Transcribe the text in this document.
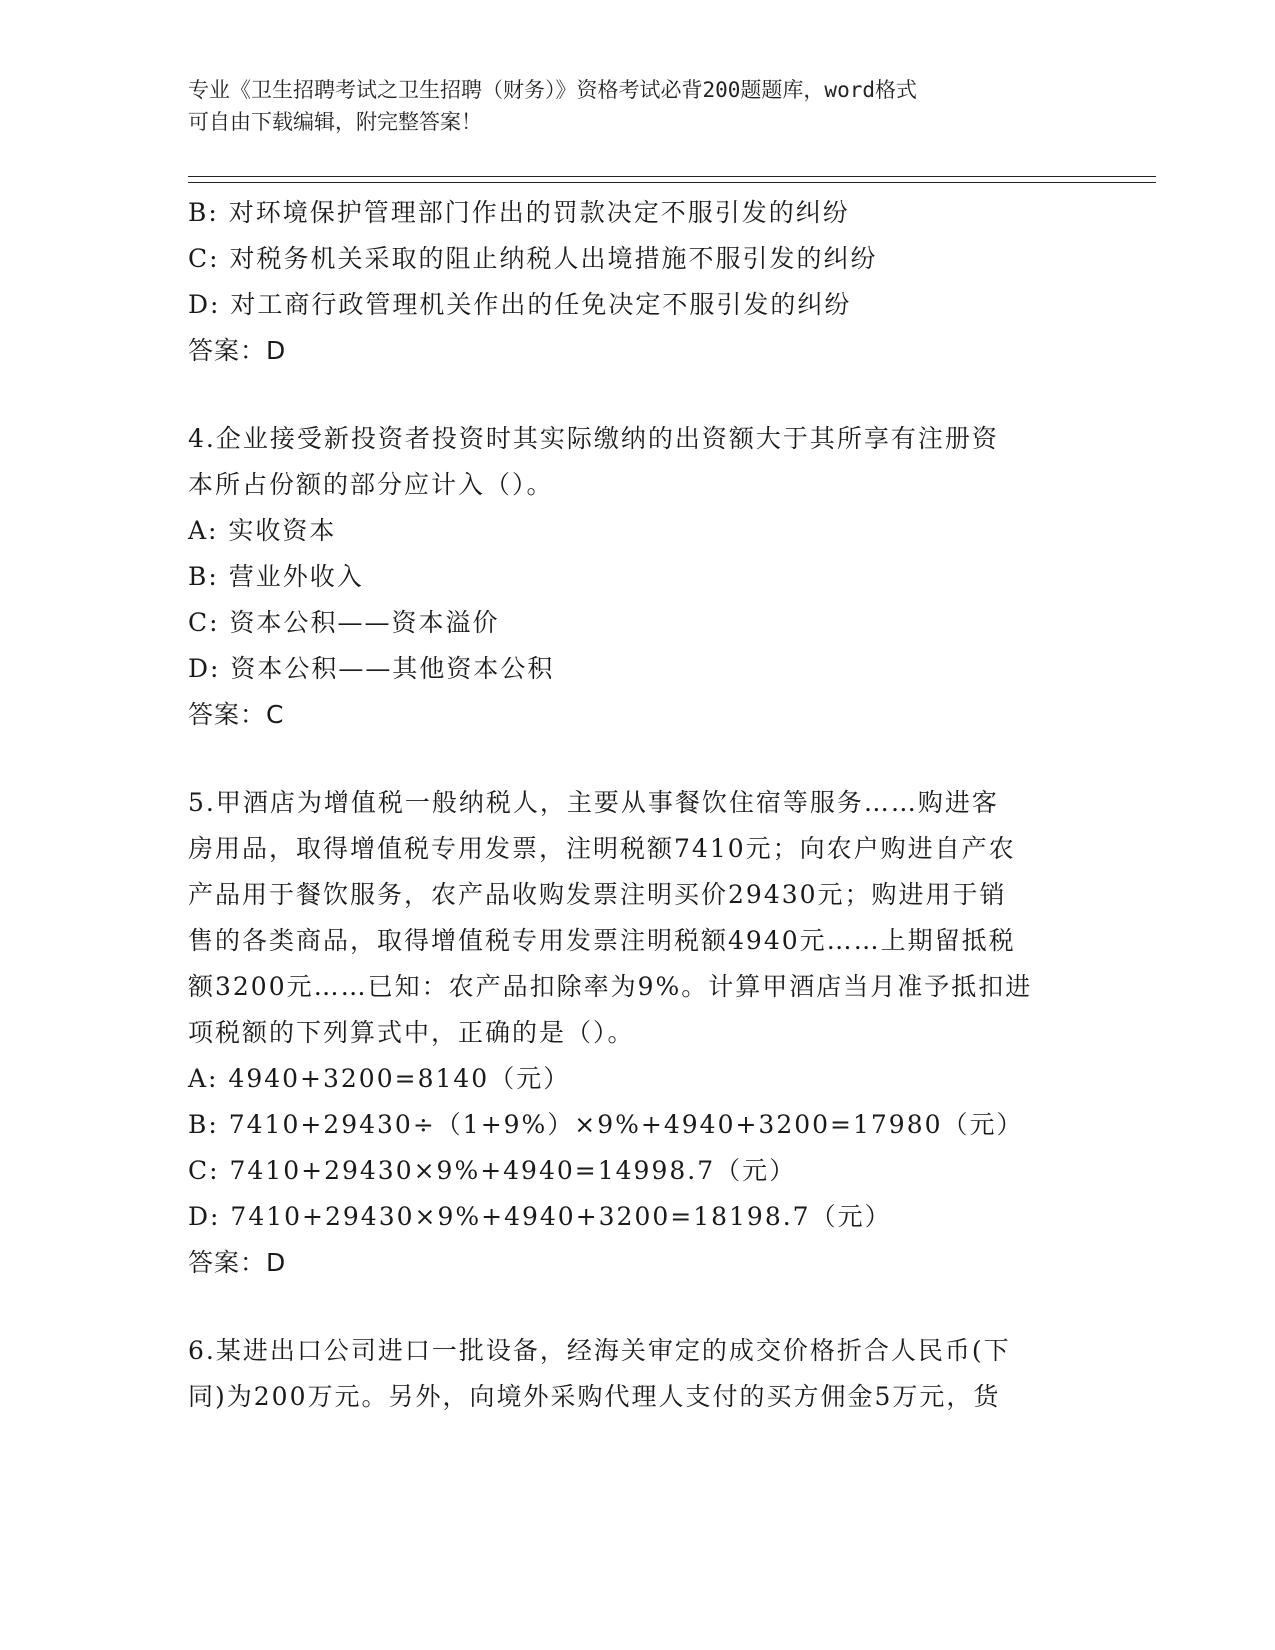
专业《卫生招聘考试之卫生招聘（财务）》资格考试必背200题题库，word格式
可自由下载编辑，附完整答案！
B: 对环境保护管理部门作出的罚款决定不服引发的纠纷
C: 对税务机关采取的阻止纳税人出境措施不服引发的纠纷
D: 对工商行政管理机关作出的任免决定不服引发的纠纷
答案：D
4.企业接受新投资者投资时其实际缴纳的出资额大于其所享有注册资
本所占份额的部分应计入（）。
A: 实收资本
B: 营业外收入
C: 资本公积——资本溢价
D: 资本公积——其他资本公积
答案：C
5.甲酒店为增值税一般纳税人，主要从事餐饮住宿等服务……购进客
房用品，取得增值税专用发票，注明税额7410元；向农户购进自产农
产品用于餐饮服务，农产品收购发票注明买价29430元；购进用于销
售的各类商品，取得增值税专用发票注明税额4940元……上期留抵税
额3200元……已知：农产品扣除率为9%。计算甲酒店当月准予抵扣进
项税额的下列算式中，正确的是（）。
A: 4940+3200=8140（元）
B: 7410+29430÷（1+9%）×9%+4940+3200=17980（元）
C: 7410+29430×9%+4940=14998.7（元）
D: 7410+29430×9%+4940+3200=18198.7（元）
答案：D
6.某进出口公司进口一批设备，经海关审定的成交价格折合人民币(下
同)为200万元。另外，向境外采购代理人支付的买方佣金5万元，货
